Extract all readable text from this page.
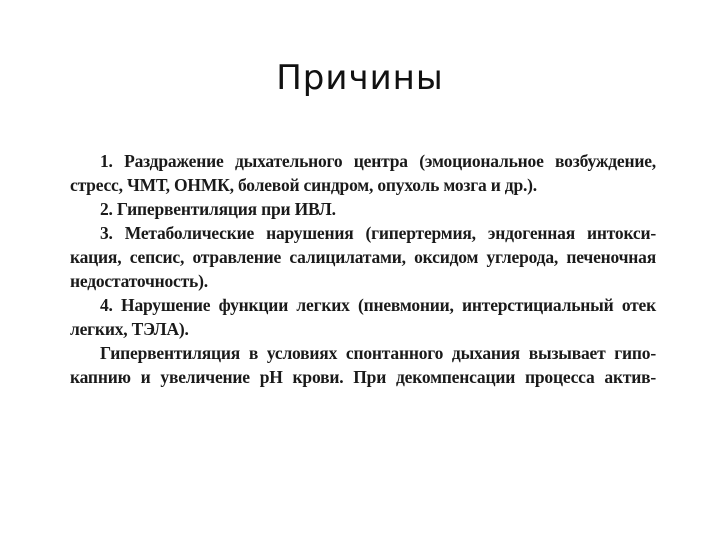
Причины

1. Раздражение дыхательного центра (эмоциональное возбуждение,

стресс, ЧМТ, ОНМК, болевой синдром, опухоль мозга и др.).

2. Гипервентиляция при ИВЛ.

3. Метаболические нарушения (гипертермия, эндогенная интокси-

кация, сепсис, отравление салицилатами, оксидом углерода, печеночная

недостаточность).

4. Нарушение функции легких (пневмонии, интерстициальный отек

легких, ТЭЛА).

Гипервентиляция в условиях спонтанного дыхания вызывает гипо-

капнию и увеличение pH крови. При декомпенсации процесса актив-
